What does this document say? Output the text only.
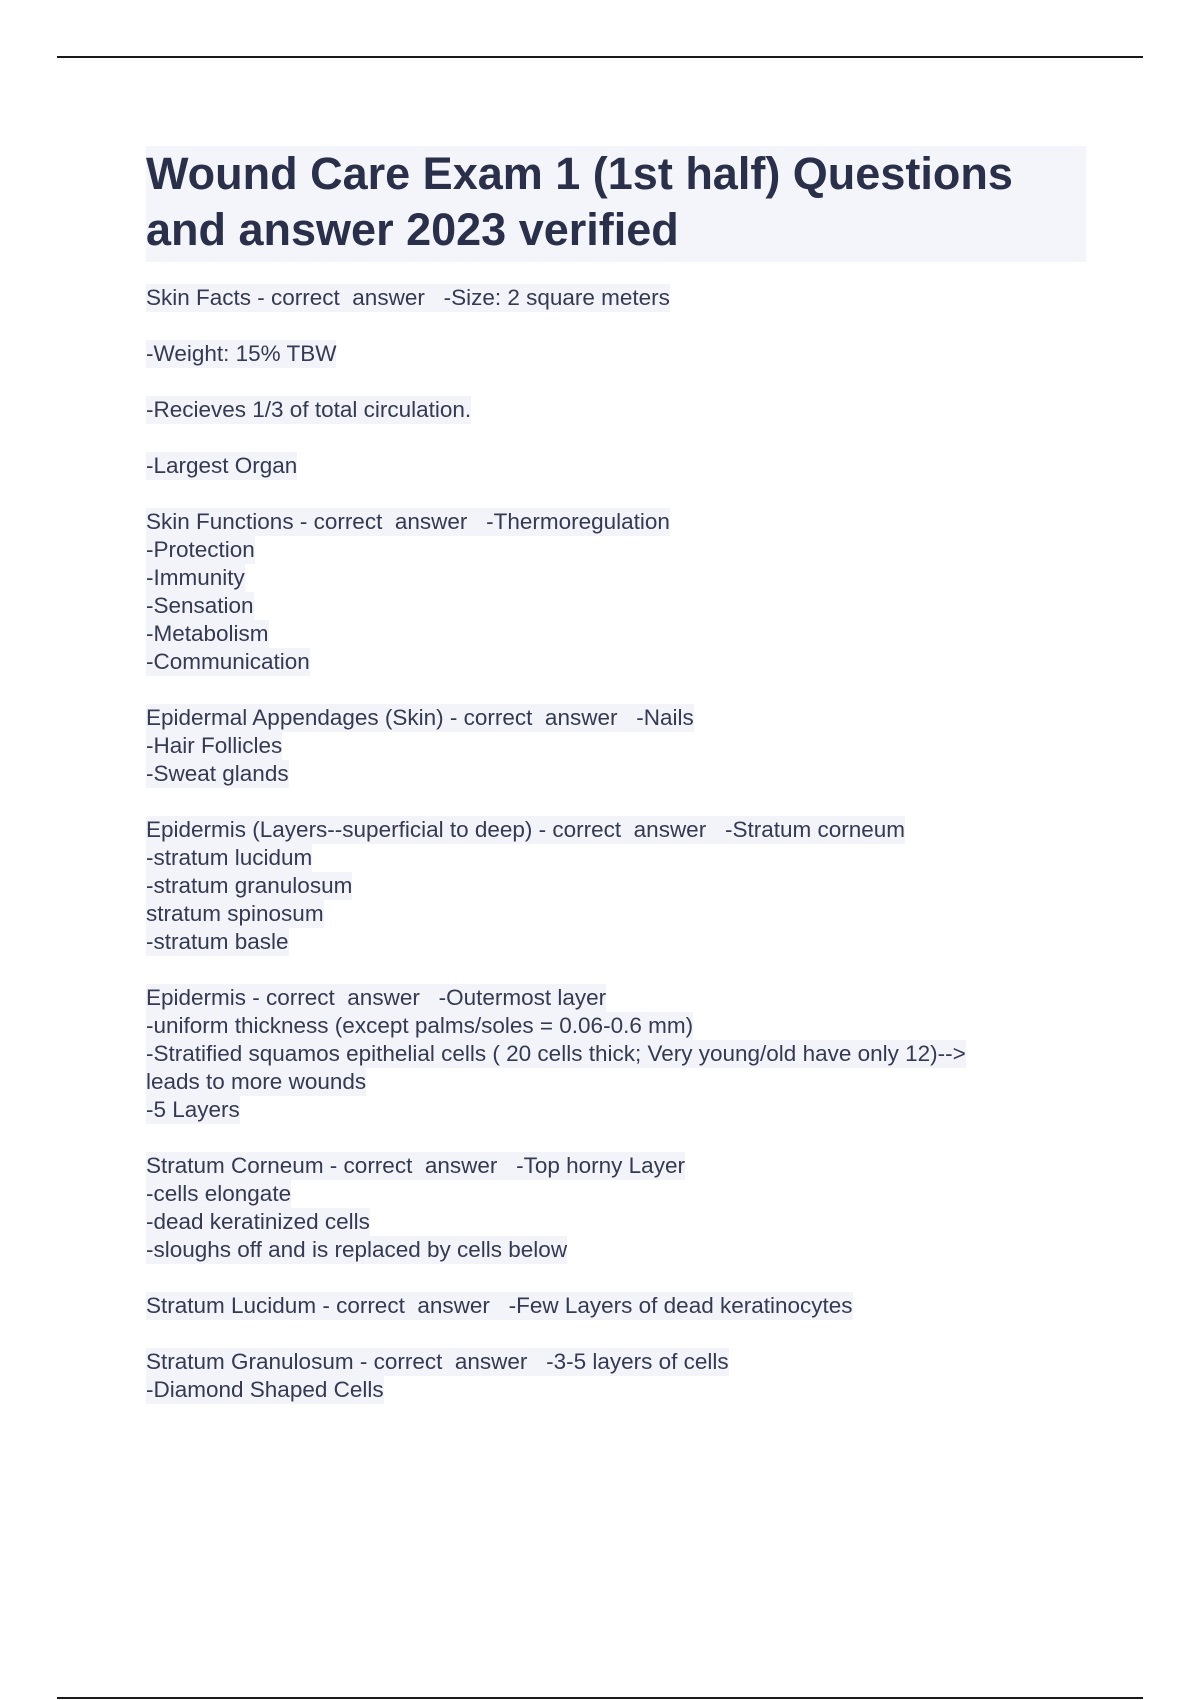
Wound Care Exam 1 (1st half) Questions
and answer 2023 verified
Skin Facts - correct  answer   -Size: 2 square meters
-Weight: 15% TBW
-Recieves 1/3 of total circulation.
-Largest Organ
Skin Functions - correct  answer   -Thermoregulation
-Protection
-Immunity
-Sensation
-Metabolism
-Communication
Epidermal Appendages (Skin) - correct  answer   -Nails
-Hair Follicles
-Sweat glands
Epidermis (Layers--superficial to deep) - correct  answer   -Stratum corneum
-stratum lucidum
-stratum granulosum
stratum spinosum
-stratum basle
Epidermis - correct  answer   -Outermost layer
-uniform thickness (except palms/soles = 0.06-0.6 mm)
-Stratified squamos epithelial cells ( 20 cells thick; Very young/old have only 12)-->
leads to more wounds
-5 Layers
Stratum Corneum - correct  answer   -Top horny Layer
-cells elongate
-dead keratinized cells
-sloughs off and is replaced by cells below
Stratum Lucidum - correct  answer   -Few Layers of dead keratinocytes
Stratum Granulosum - correct  answer   -3-5 layers of cells
-Diamond Shaped Cells
